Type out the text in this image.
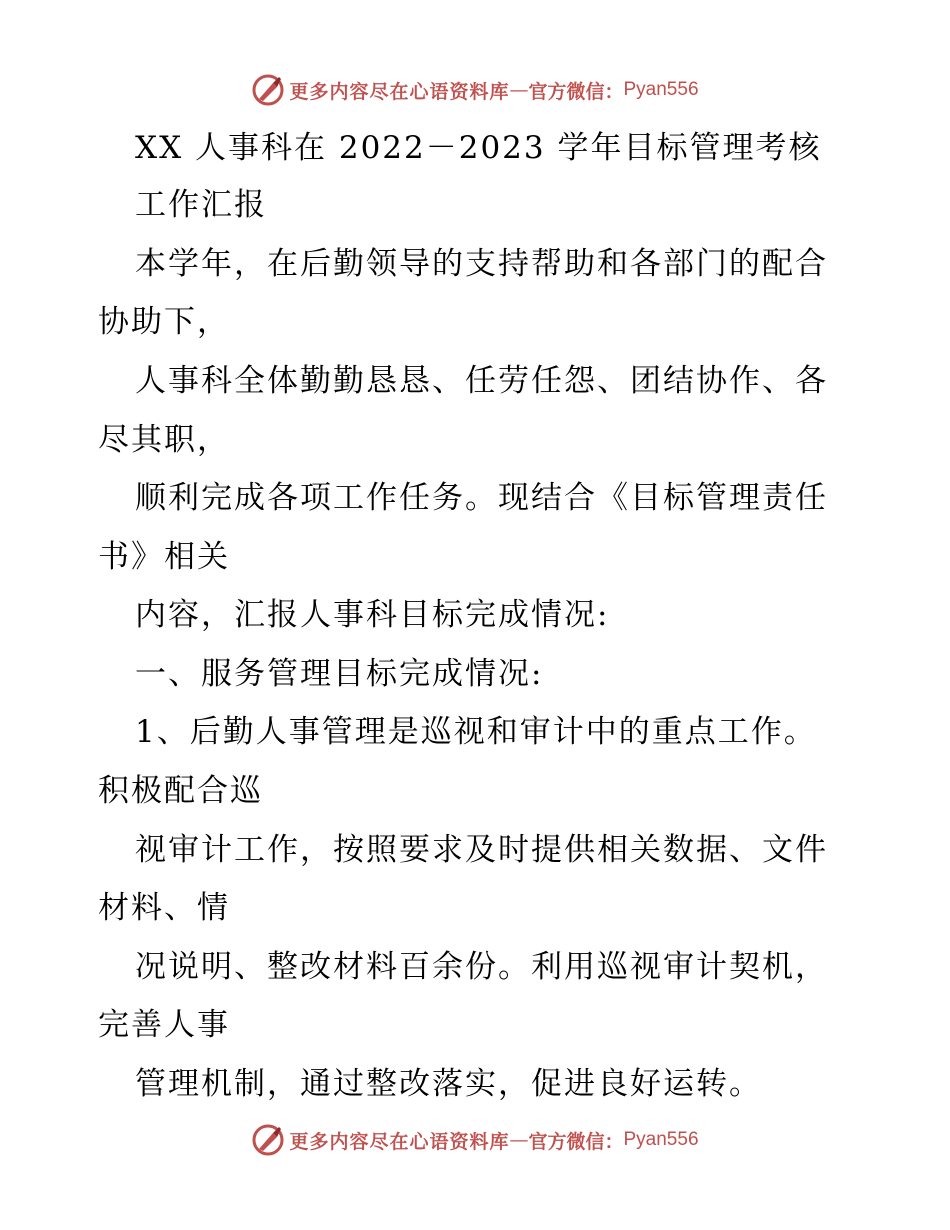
更多内容尽在心语资料库 — 官方微信： Pyan556
XX 人事科在 2022－2023 学年目标管理考核
工作汇报
本学年，在后勤领导的支持帮助和各部门的配合
协助下，
人事科全体勤勤恳恳、任劳任怨、团结协作、各
尽其职，
顺利完成各项工作任务。现结合《目标管理责任
书》相关
内容，汇报人事科目标完成情况:
一、服务管理目标完成情况:
1、后勤人事管理是巡视和审计中的重点工作。
积极配合巡
视审计工作，按照要求及时提供相关数据、文件
材料、情
况说明、整改材料百余份。利用巡视审计契机，
完善人事
管理机制，通过整改落实，促进良好运转。
更多内容尽在心语资料库 — 官方微信： Pyan556
